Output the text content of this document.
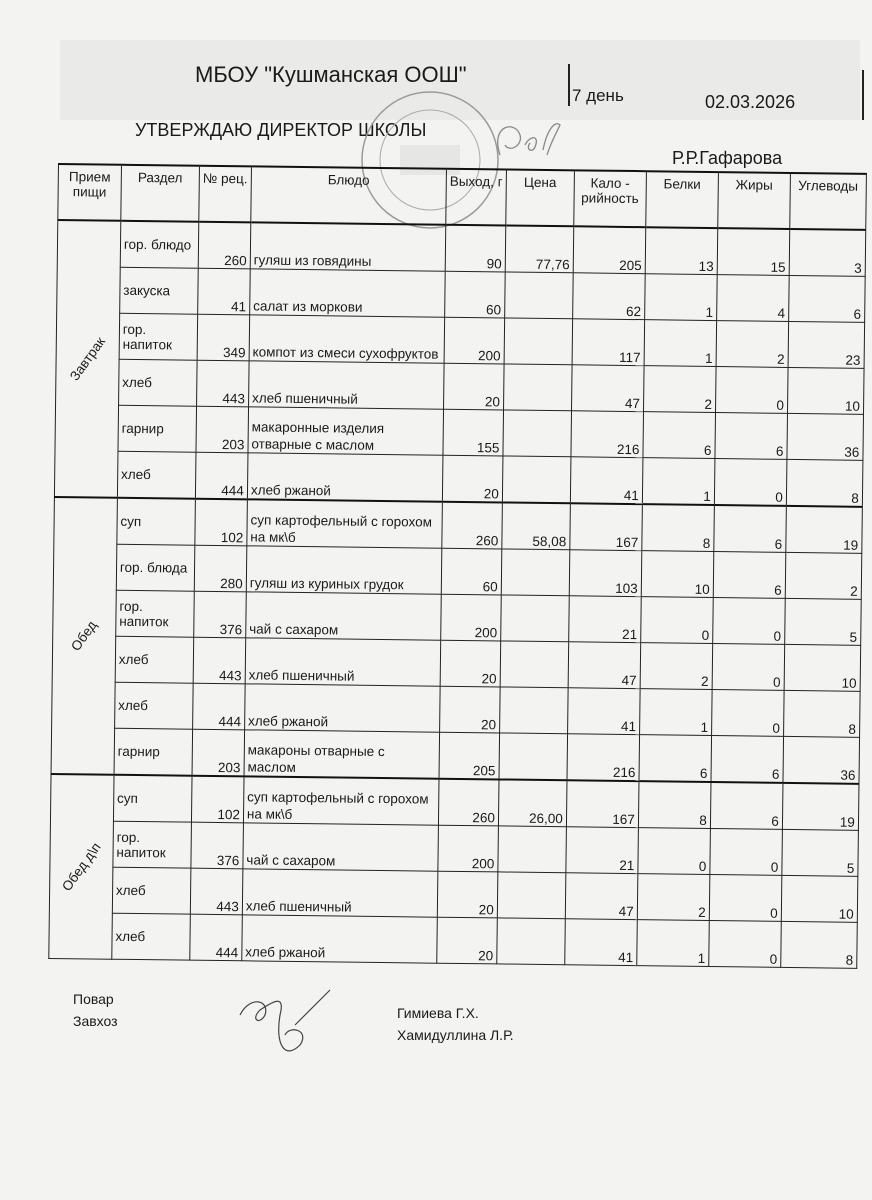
МБОУ "Кушманская ООШ"
7 день	02.03.2026
УТВЕРЖДАЮ ДИРЕКТОР ШКОЛЫ
Р.Р.Гафарова
Прием пищи	Раздел	№ рец.	Блюдо	Выход, г	Цена	Кало - рийность	Белки	Жиры	Углеводы
Завтрак	гор. блюдо	260	гуляш из говядины	90	77,76	205	13	15	3
	закуска	41	салат из моркови	60		62	1	4	6
	гор. напиток	349	компот из смеси сухофруктов	200		117	1	2	23
	хлеб	443	хлеб пшеничный	20		47	2	0	10
	гарнир	203	макаронные изделия отварные с маслом	155		216	6	6	36
	хлеб	444	хлеб ржаной	20		41	1	0	8
Обед	суп	102	суп картофельный с горохом на мк\б	260	58,08	167	8	6	19
	гор. блюда	280	гуляш из куриных грудок	60		103	10	6	2
	гор. напиток	376	чай с сахаром	200		21	0	0	5
	хлеб	443	хлеб пшеничный	20		47	2	0	10
	хлеб	444	хлеб ржаной	20		41	1	0	8
	гарнир	203	макароны отварные с маслом	205		216	6	6	36
Обед д\п	суп	102	суп картофельный с горохом на мк\б	260	26,00	167	8	6	19
	гор. напиток	376	чай с сахаром	200		21	0	0	5
	хлеб	443	хлеб пшеничный	20		47	2	0	10
	хлеб	444	хлеб ржаной	20		41	1	0	8
Повар
Завхоз	Гимиева Г.Х.
Хамидуллина Л.Р.
